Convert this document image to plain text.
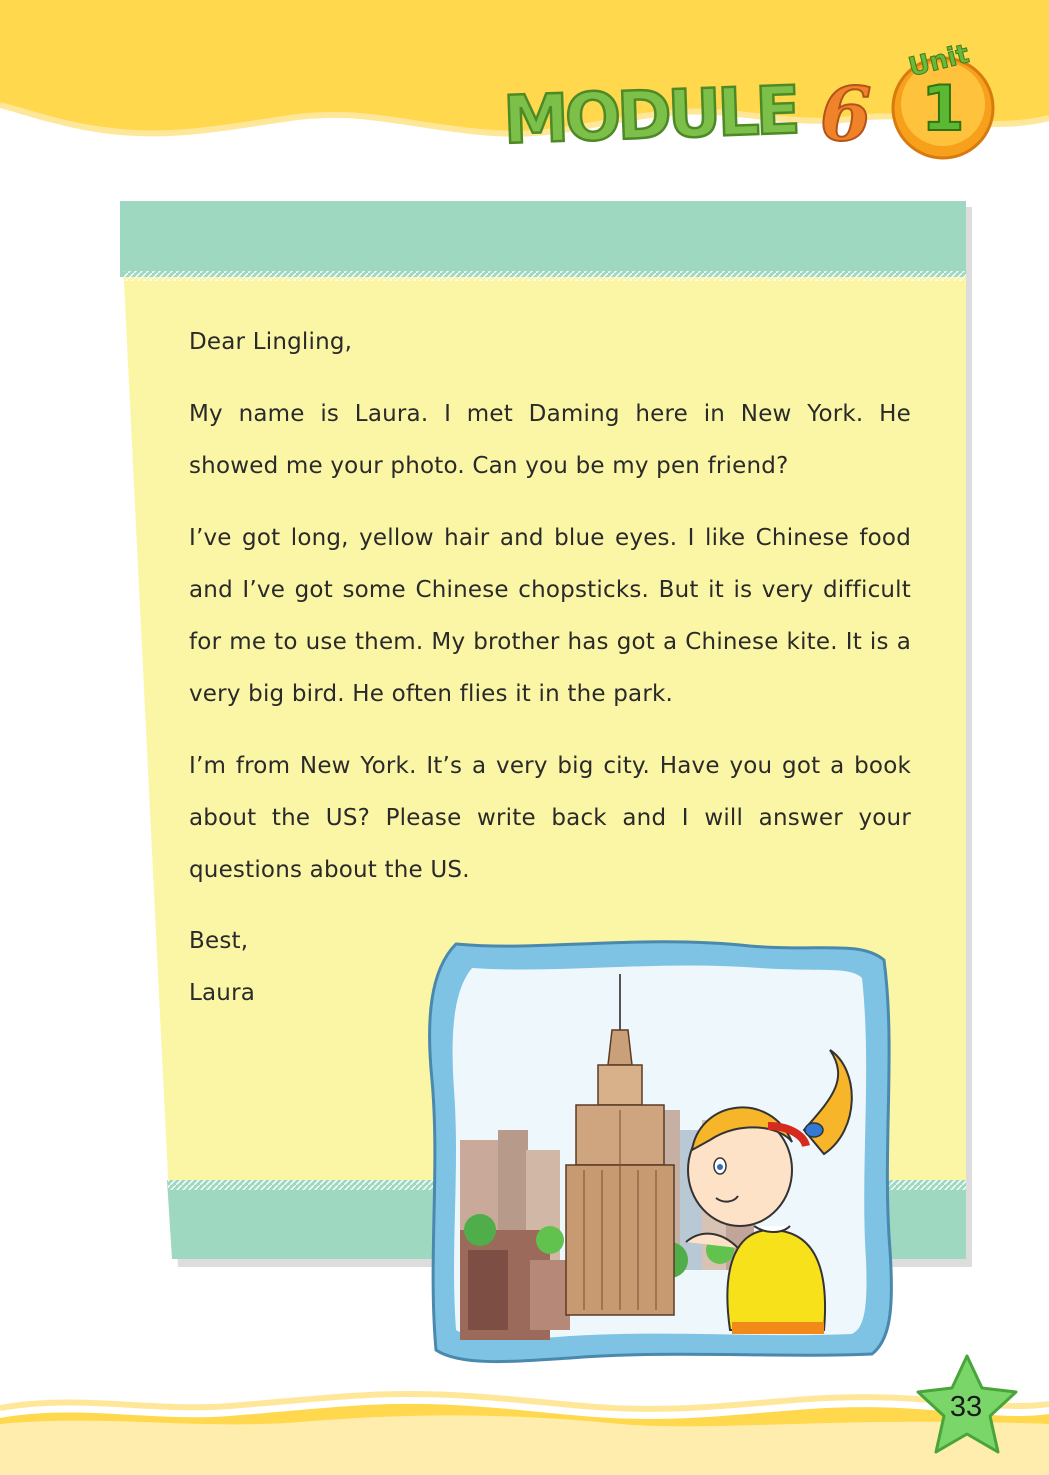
MODULE 6
Unit
1
Dear Lingling,
My name is Laura. I met Daming here in New York. He showed me your photo. Can you be my pen friend?
I’ve got long, yellow hair and blue eyes. I like Chinese food and I’ve got some Chinese chopsticks. But it is very difficult for me to use them. My brother has got a Chinese kite. It is a very big bird. He often flies it in the park.
I’m from New York. It’s a very big city. Have you got a book about the US? Please write back and I will answer your questions about the US.
Best,
Laura
33
